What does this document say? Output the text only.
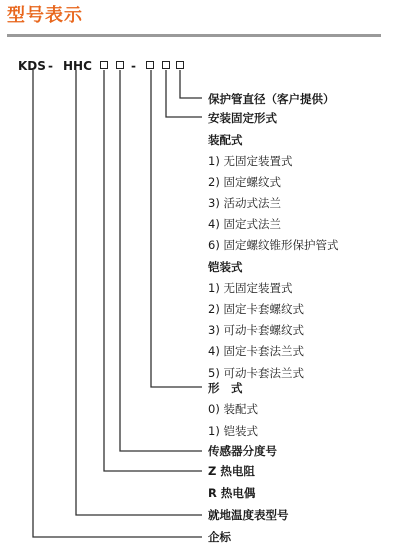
型号表示
KDS - HHC	-
保护管直径（客户提供）
安装固定形式
装配式
1) 无固定装置式
2) 固定螺纹式
3) 活动式法兰
4) 固定式法兰
6) 固定螺纹锥形保护管式
铠装式
1) 无固定装置式
2) 固定卡套螺纹式
3) 可动卡套螺纹式
4) 固定卡套法兰式
5) 可动卡套法兰式
形　式
0) 装配式
1) 铠装式
传感器分度号
Z 热电阻
R 热电偶
就地温度表型号
企标
